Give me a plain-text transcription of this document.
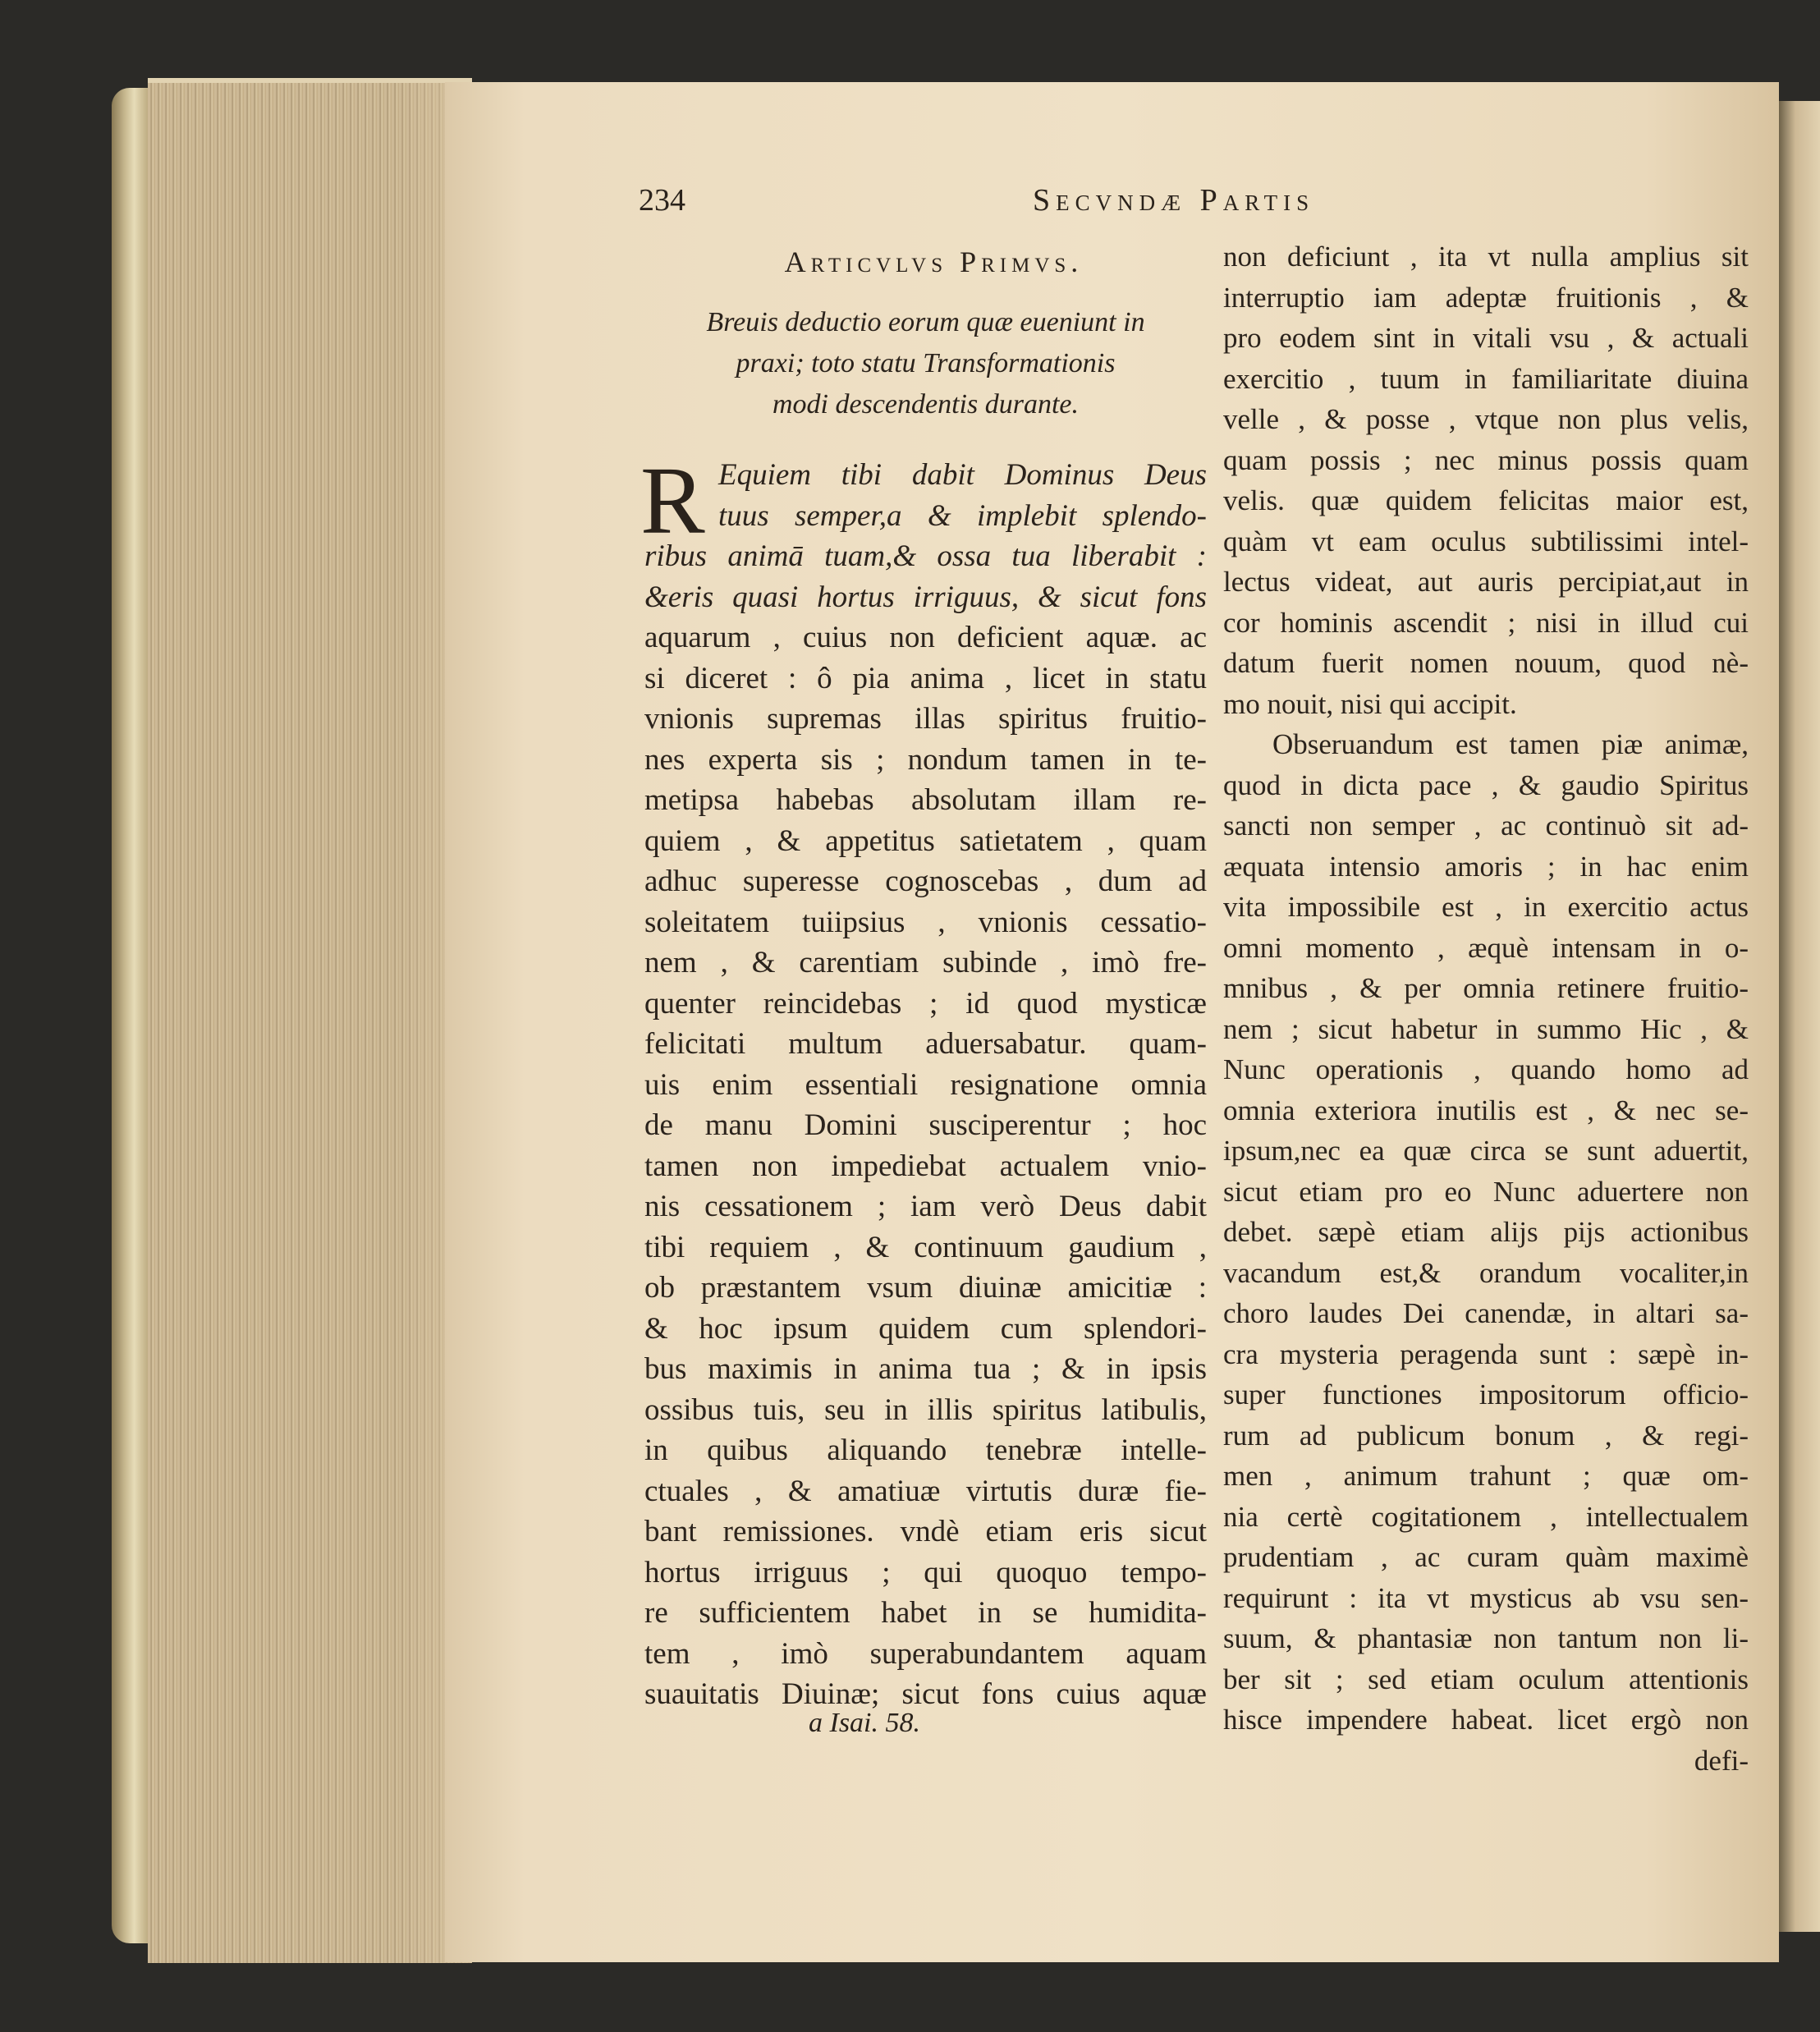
234	Secvndæ Partis
Articvlvs Primvs.
Breuis deductio eorum quæ eueniunt in
praxi; toto statu Transformationis
modi descendentis durante.
R Equiem tibi dabit Dominus Deus
tuus semper,a & implebit splendo-
ribus animā tuam,& ossa tua liberabit :
&eris quasi hortus irriguus, & sicut fons
aquarum , cuius non deficient aquæ. ac
si diceret : ô pia anima , licet in statu
vnionis supremas illas spiritus fruitio-
nes experta sis ; nondum tamen in te-
metipsa habebas absolutam illam re-
quiem , & appetitus satietatem , quam
adhuc superesse cognoscebas , dum ad
soleitatem tuiipsius , vnionis cessatio-
nem , & carentiam subinde , imò fre-
quenter reincidebas ; id quod mysticæ
felicitati multum aduersabatur. quam-
uis enim essentiali resignatione omnia
de manu Domini susciperentur ; hoc
tamen non impediebat actualem vnio-
nis cessationem ; iam verò Deus dabit
tibi requiem , & continuum gaudium ,
ob præstantem vsum diuinæ amicitiæ :
& hoc ipsum quidem cum splendori-
bus maximis in anima tua ; & in ipsis
ossibus tuis, seu in illis spiritus latibulis,
in quibus aliquando tenebræ intelle-
ctuales , & amatiuæ virtutis duræ fie-
bant remissiones. vndè etiam eris sicut
hortus irriguus ; qui quoquo tempo-
re sufficientem habet in se humidita-
tem , imò superabundantem aquam
suauitatis Diuinæ; sicut fons cuius aquæ
non deficiunt , ita vt nulla amplius sit
interruptio iam adeptæ fruitionis , &
pro eodem sint in vitali vsu , & actuali
exercitio , tuum in familiaritate diuina
velle , & posse , vtque non plus velis,
quam possis ; nec minus possis quam
velis. quæ quidem felicitas maior est,
quàm vt eam oculus subtilissimi intel-
lectus videat, aut auris percipiat,aut in
cor hominis ascendit ; nisi in illud cui
datum fuerit nomen nouum, quod nè-
mo nouit, nisi qui accipit.
Obseruandum est tamen piæ animæ,
quod in dicta pace , & gaudio Spiritus
sancti non semper , ac continuò sit ad-
æquata intensio amoris ; in hac enim
vita impossibile est , in exercitio actus
omni momento , æquè intensam in o-
mnibus , & per omnia retinere fruitio-
nem ; sicut habetur in summo Hic , &
Nunc operationis , quando homo ad
omnia exteriora inutilis est , & nec se-
ipsum,nec ea quæ circa se sunt aduertit,
sicut etiam pro eo Nunc aduertere non
debet. sæpè etiam alijs pijs actionibus
vacandum est,& orandum vocaliter,in
choro laudes Dei canendæ, in altari sa-
cra mysteria peragenda sunt : sæpè in-
super functiones impositorum officio-
rum ad publicum bonum , & regi-
men , animum trahunt ; quæ om-
nia certè cogitationem , intellectualem
prudentiam , ac curam quàm maximè
requirunt : ita vt mysticus ab vsu sen-
suum, & phantasiæ non tantum non li-
ber sit ; sed etiam oculum attentionis
hisce impendere habeat. licet ergò non
defi-
a Isai. 58.
